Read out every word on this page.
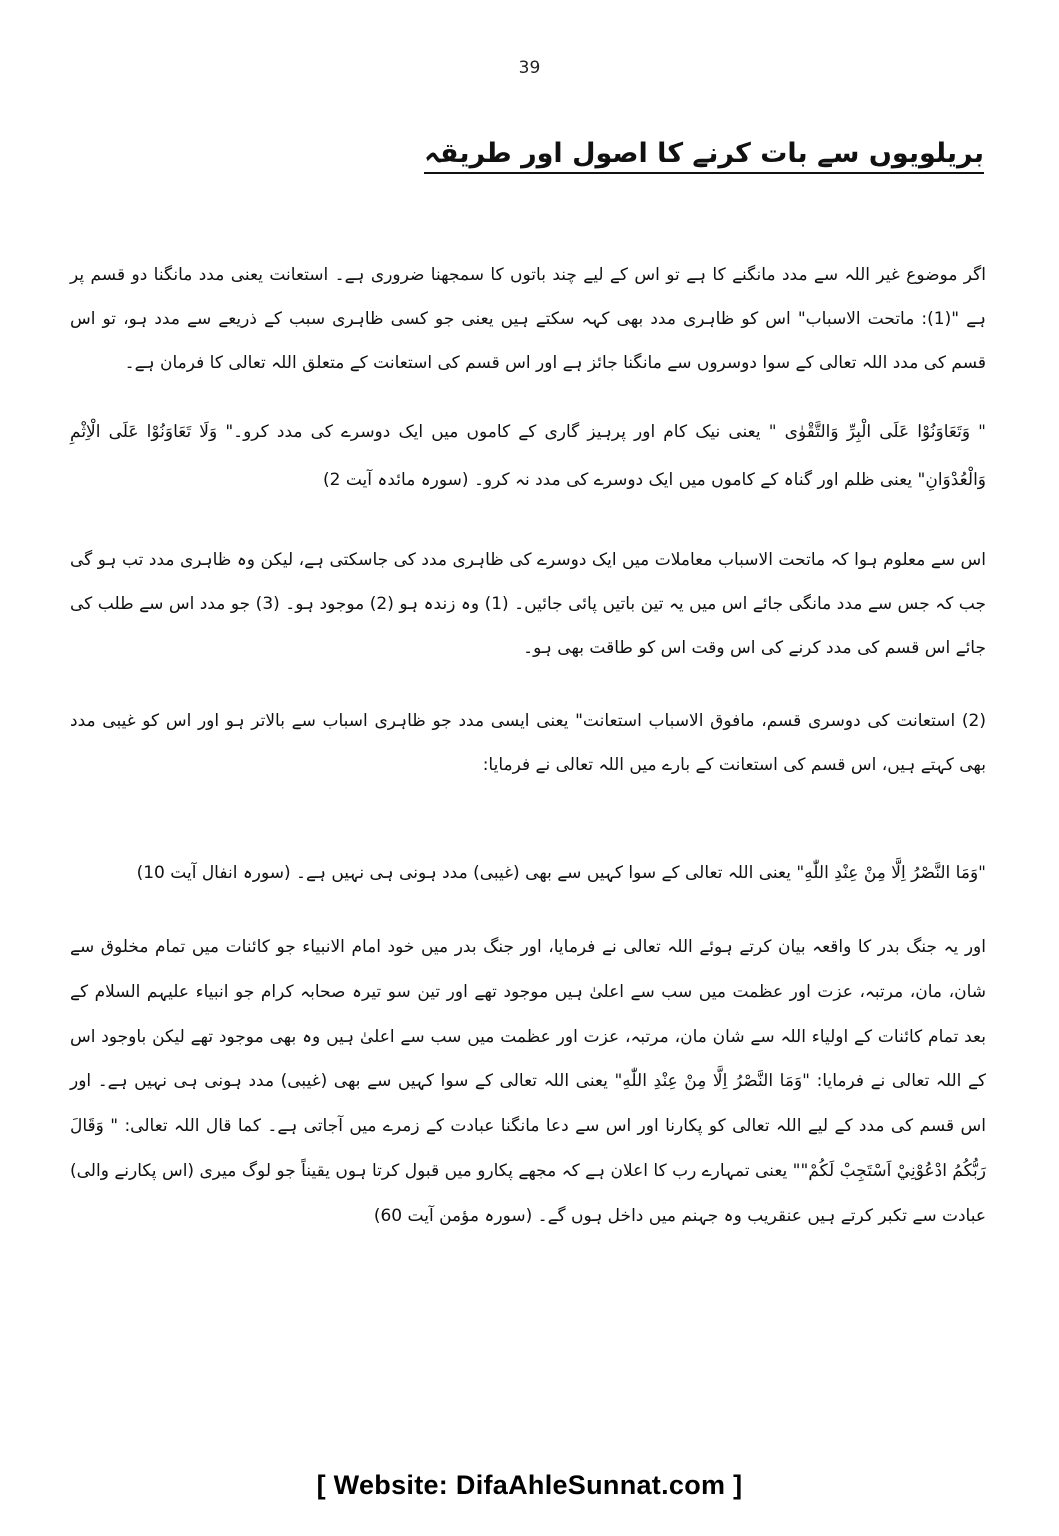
39
بریلویوں سے بات کرنے کا اصول اور طریقہ

اگر موضوع غیر اللہ سے مدد مانگنے کا ہے تو اس کے لیے چند باتوں کا سمجھنا ضروری ہے۔ استعانت یعنی مدد مانگنا دو قسم پر ہے "(1): ماتحت الاسباب" اس کو ظاہری مدد بھی کہہ سکتے ہیں یعنی جو کسی ظاہری سبب کے ذریعے سے مدد ہو، تو اس قسم کی مدد اللہ تعالی کے سوا دوسروں سے مانگنا جائز ہے اور اس قسم کی استعانت کے متعلق اللہ تعالی کا فرمان ہے۔

" وَتَعَاوَنُوْا عَلَى الْبِرِّ وَالتَّقْوٰى " یعنی نیک کام اور پرہیز گاری کے کاموں میں ایک دوسرے کی مدد کرو۔" وَلَا تَعَاوَنُوْا عَلَى الْاِثْمِ وَالْعُدْوَانِ" یعنی ظلم اور گناہ کے کاموں میں ایک دوسرے کی مدد نہ کرو۔ (سورہ مائدہ آیت 2)

اس سے معلوم ہوا کہ ماتحت الاسباب معاملات میں ایک دوسرے کی ظاہری مدد کی جاسکتی ہے، لیکن وہ ظاہری مدد تب ہو گی جب کہ جس سے مدد مانگی جائے اس میں یہ تین باتیں پائی جائیں۔ (1) وہ زندہ ہو (2) موجود ہو۔ (3) جو مدد اس سے طلب کی جائے اس قسم کی مدد کرنے کی اس وقت اس کو طاقت بھی ہو۔

(2) استعانت کی دوسری قسم، مافوق الاسباب استعانت" یعنی ایسی مدد جو ظاہری اسباب سے بالاتر ہو اور اس کو غیبی مدد بھی کہتے ہیں، اس قسم کی استعانت کے بارے میں اللہ تعالی نے فرمایا:

"وَمَا النَّصْرُ اِلَّا مِنْ عِنْدِ اللّٰهِ" یعنی اللہ تعالی کے سوا کہیں سے بھی (غیبی) مدد ہونی ہی نہیں ہے۔ (سورہ انفال آیت 10)

اور یہ جنگ بدر کا واقعہ بیان کرتے ہوئے اللہ تعالی نے فرمایا، اور جنگ بدر میں خود امام الانبیاء جو کائنات میں تمام مخلوق سے شان، مان، مرتبہ، عزت اور عظمت میں سب سے اعلیٰ ہیں موجود تھے اور تین سو تیرہ صحابہ کرام جو انبیاء علیہم السلام کے بعد تمام کائنات کے اولیاء اللہ سے شان مان، مرتبہ، عزت اور عظمت میں سب سے اعلیٰ ہیں وہ بھی موجود تھے لیکن باوجود اس کے اللہ تعالی نے فرمایا: "وَمَا النَّصْرُ اِلَّا مِنْ عِنْدِ اللّٰهِ" یعنی اللہ تعالی کے سوا کہیں سے بھی (غیبی) مدد ہونی ہی نہیں ہے۔ اور اس قسم کی مدد کے لیے اللہ تعالی کو پکارنا اور اس سے دعا مانگنا عبادت کے زمرے میں آجاتی ہے۔ کما قال اللہ تعالی: " وَقَالَ رَبُّكُمُ ادْعُوْنِيْ اَسْتَجِبْ لَكُمْ"" یعنی تمہارے رب کا اعلان ہے کہ مجھے پکارو میں قبول کرتا ہوں یقیناً جو لوگ میری (اس پکارنے والی) عبادت سے تکبر کرتے ہیں عنقریب وہ جہنم میں داخل ہوں گے۔ (سورہ مؤمن آیت 60)

[ Website: DifaAhleSunnat.com ]
